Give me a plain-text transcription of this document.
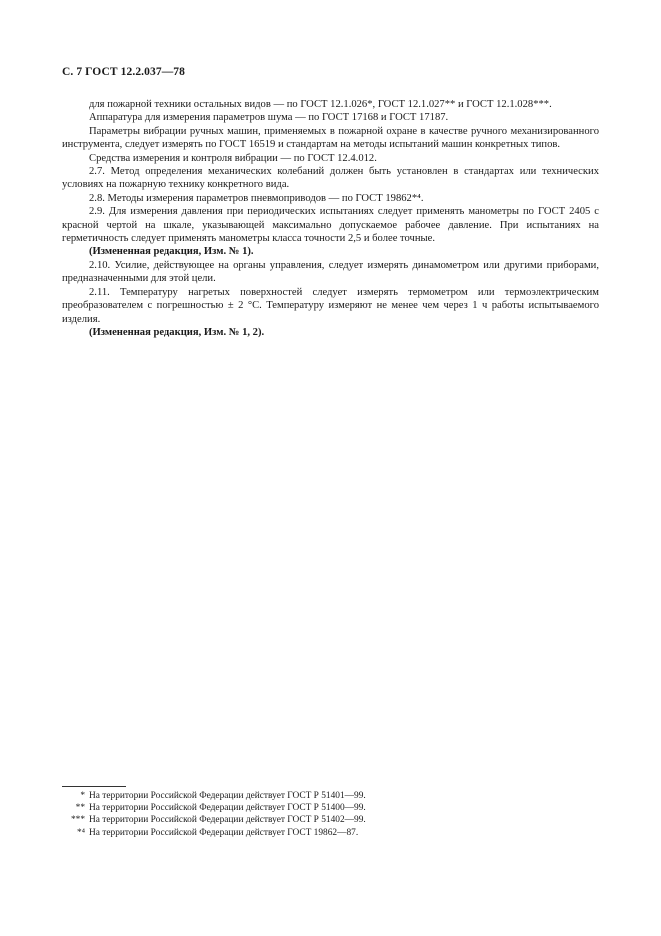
С. 7 ГОСТ 12.2.037—78

для пожарной техники остальных видов — по ГОСТ 12.1.026*, ГОСТ 12.1.027** и ГОСТ 12.1.028***.

Аппаратура для измерения параметров шума — по ГОСТ 17168 и ГОСТ 17187.

Параметры вибрации ручных машин, применяемых в пожарной охране в качестве ручного механизированного инструмента, следует измерять по ГОСТ 16519 и стандартам на методы испытаний машин конкретных типов.

Средства измерения и контроля вибрации — по ГОСТ 12.4.012.

2.7. Метод определения механических колебаний должен быть установлен в стандартах или технических условиях на пожарную технику конкретного вида.

2.8. Методы измерения параметров пневмоприводов — по ГОСТ 19862*⁴.

2.9. Для измерения давления при периодических испытаниях следует применять манометры по ГОСТ 2405 с красной чертой на шкале, указывающей максимально допускаемое рабочее давление. При испытаниях на герметичность следует применять манометры класса точности 2,5 и более точные.

(Измененная редакция, Изм. № 1).

2.10. Усилие, действующее на органы управления, следует измерять динамометром или другими приборами, предназначенными для этой цели.

2.11. Температуру нагретых поверхностей следует измерять термометром или термоэлектрическим преобразователем с погрешностью ± 2 °С. Температуру измеряют не менее чем через 1 ч работы испытываемого изделия.

(Измененная редакция, Изм. № 1, 2).

* На территории Российской Федерации действует ГОСТ Р 51401—99.
** На территории Российской Федерации действует ГОСТ Р 51400—99.
*** На территории Российской Федерации действует ГОСТ Р 51402—99.
*⁴ На территории Российской Федерации действует ГОСТ 19862—87.
